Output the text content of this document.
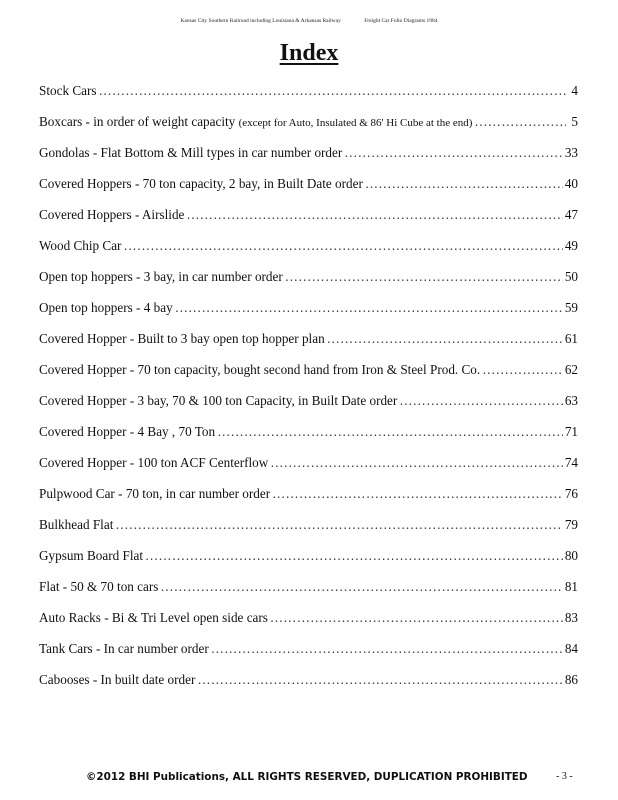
Kansas City Southern Railroad including Louisiana & Arkansas Railway	Freight Car Folio Diagrams 1984
Index
Stock Cars ……………………………………………………………………………………………………………………………………………………………………………………………………	4
Boxcars - in order of weight capacity (except for Auto, Insulated & 86' Hi Cube at the end) ……………………………………………………………………………………………………………………………………………………………………………………………………	5
Gondolas - Flat Bottom & Mill types in car number order ……………………………………………………………………………………………………………………………………………………………………………………………………	33
Covered Hoppers - 70 ton capacity, 2 bay, in Built Date order ……………………………………………………………………………………………………………………………………………………………………………………………………	40
Covered Hoppers - Airslide ……………………………………………………………………………………………………………………………………………………………………………………………………	47
Wood Chip Car ……………………………………………………………………………………………………………………………………………………………………………………………………	49
Open top hoppers - 3 bay, in car number order ……………………………………………………………………………………………………………………………………………………………………………………………………	50
Open top hoppers - 4 bay ……………………………………………………………………………………………………………………………………………………………………………………………………	59
Covered Hopper - Built to 3 bay open top hopper plan ……………………………………………………………………………………………………………………………………………………………………………………………………	61
Covered Hopper - 70 ton capacity, bought second hand from Iron & Steel Prod. Co. ……………………………………………………………………………………………………………………………………………………………………………………………………	62
Covered Hopper - 3 bay, 70 & 100 ton Capacity, in Built Date order ……………………………………………………………………………………………………………………………………………………………………………………………………	63
Covered Hopper - 4 Bay , 70 Ton ……………………………………………………………………………………………………………………………………………………………………………………………………	71
Covered Hopper - 100 ton ACF Centerflow ……………………………………………………………………………………………………………………………………………………………………………………………………	74
Pulpwood Car - 70 ton, in car number order ……………………………………………………………………………………………………………………………………………………………………………………………………	76
Bulkhead Flat ……………………………………………………………………………………………………………………………………………………………………………………………………	79
Gypsum Board Flat ……………………………………………………………………………………………………………………………………………………………………………………………………	80
Flat - 50 & 70 ton cars ……………………………………………………………………………………………………………………………………………………………………………………………………	81
Auto Racks - Bi & Tri Level open side cars ……………………………………………………………………………………………………………………………………………………………………………………………………	83
Tank Cars - In car number order ……………………………………………………………………………………………………………………………………………………………………………………………………	84
Cabooses - In built date order ……………………………………………………………………………………………………………………………………………………………………………………………………	86
©2012 BHI Publications, ALL RIGHTS RESERVED, DUPLICATION PROHIBITED	- 3 -
